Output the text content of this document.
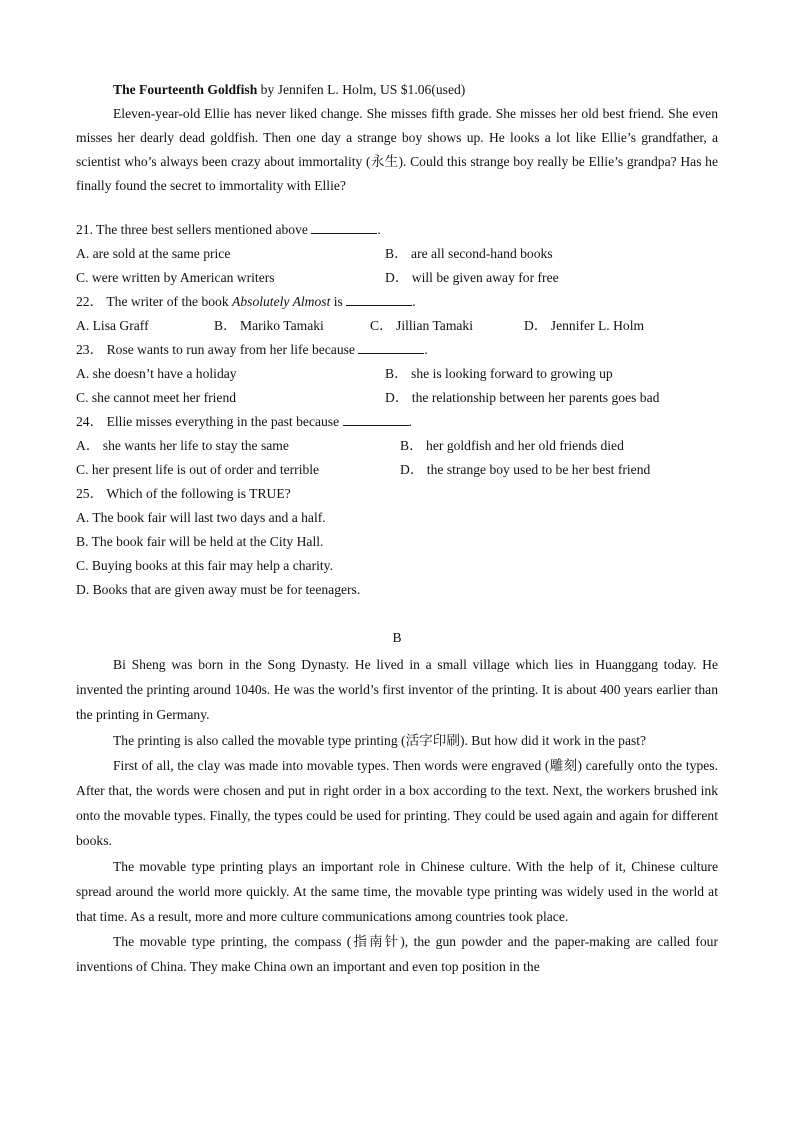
The Fourteenth Goldfish by Jennifen L. Holm, US $1.06(used)

Eleven-year-old Ellie has never liked change. She misses fifth grade. She misses her old best friend. She even misses her dearly dead goldfish. Then one day a strange boy shows up. He looks a lot like Ellie’s grandfather, a scientist who’s always been crazy about immortality (永生). Could this strange boy really be Ellie’s grandpa? Has he finally found the secret to immortality with Ellie?

21. The three best sellers mentioned above	.

A. are sold at the same price	B． are all second-hand books
C. were written by American writers	D． will be given away for free

22． The writer of the book Absolutely Almost is	.

A. Lisa Graff	B． Mariko Tamaki	C． Jillian Tamaki	D． Jennifer L. Holm

23． Rose wants to run away from her life because	.

A. she doesn’t have a holiday	B． she is looking forward to growing up
C. she cannot meet her friend	D． the relationship between her parents goes bad

24． Ellie misses everything in the past because	.

A． she wants her life to stay the same	B． her goldfish and her old friends died
C. her present life is out of order and terrible	D． the strange boy used to be her best friend

25． Which of the following is TRUE?

A. The book fair will last two days and a half.

B. The book fair will be held at the City Hall.

C. Buying books at this fair may help a charity.

D. Books that are given away must be for teenagers.

B

Bi Sheng was born in the Song Dynasty. He lived in a small village which lies in Huanggang today. He invented the printing around 1040s. He was the world’s first inventor of the printing. It is about 400 years earlier than the printing in Germany.

The printing is also called the movable type printing (活字印刷). But how did it work in the past?

First of all, the clay was made into movable types. Then words were engraved (雕刻) carefully onto the types. After that, the words were chosen and put in right order in a box according to the text. Next, the workers brushed ink onto the movable types. Finally, the types could be used for printing. They could be used again and again for different books.

The movable type printing plays an important role in Chinese culture. With the help of it, Chinese culture spread around the world more quickly. At the same time, the movable type printing was widely used in the world at that time. As a result, more and more culture communications among countries took place.

The movable type printing, the compass (指南针), the gun powder and the paper-making are called four inventions of China. They make China own an important and even top position in the
